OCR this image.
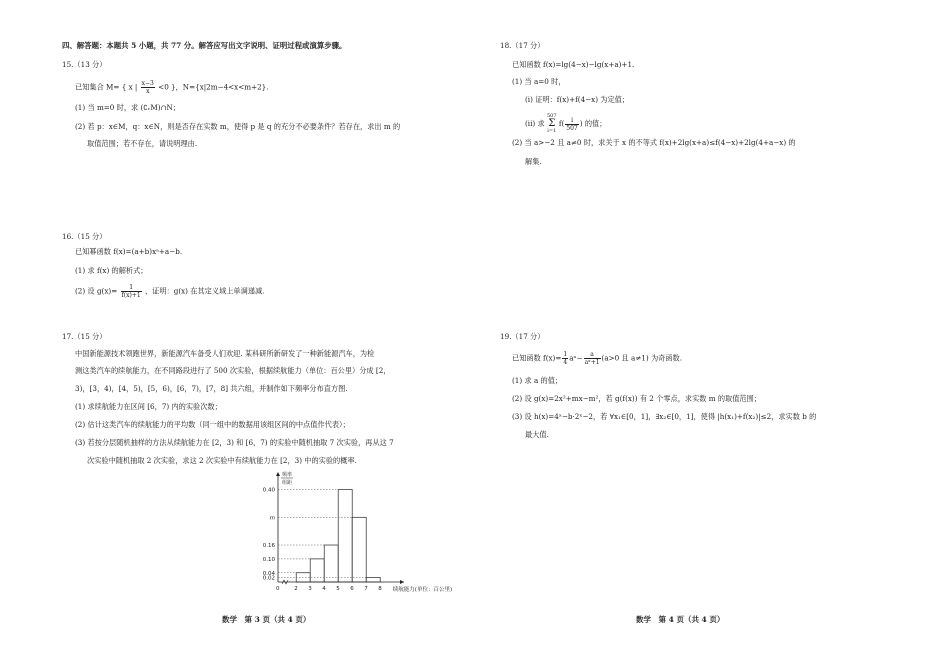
四、解答题：本题共 5 小题，共 77 分。解答应写出文字说明、证明过程或演算步骤。
15.（13 分）
已知集合 M= { x | $\frac{x-3}{x} <0$ }，N={x|2m−4<x<m+2}.
(1) 当 m=0 时，求 (∁ᵣM)∩N；
(2) 若 p：x∈M，q：x∈N，则是否存在实数 m，使得 p 是 q 的充分不必要条件？若存在，求出 m 的
取值范围；若不存在，请说明理由.
16.（15 分）
已知幂函数 f(x)=(a+b)xᵃ+a−b.
(1) 求 f(x) 的解析式；
(2) 设 $g(x)= \frac{1}{f(x)+1}$ ，证明：g(x) 在其定义域上单调递减.
17.（15 分）
中国新能源技术领跑世界，新能源汽车备受人们欢迎. 某科研所新研发了一种新能源汽车，为检
测这类汽车的续航能力，在不同路段进行了 500 次实验，根据续航能力（单位：百公里）分成 [2，
3)，[3，4)，[4，5)，[5，6)，[6，7)，[7，8] 共六组，并制作如下频率分布直方图.
(1) 求续航能力在区间 [6，7) 内的实验次数；
(2) 估计这类汽车的续航能力的平均数（同一组中的数据用该组区间的中点值作代表）；
(3) 若按分层随机抽样的方法从续航能力在 [2，3) 和 [6，7) 的实验中随机抽取 7 次实验，再从这 7
次实验中随机抽取 2 次实验，求这 2 次实验中有续航能力在 [2，3) 中的实验的概率.
频率
组距
续航能力(单位：百公里)
0	2 3 4 5 6 7 8
0.40
m
0.16
0.10
0.04
0.02
数学　第 3 页（共 4 页）
18.（17 分）
已知函数 f(x)=lg(4−x)−lg(x+a)+1.
(1) 当 a=0 时，
(i) 证明：f(x)+f(4−x) 为定值；
(ii) 求
507
Σ
i=1
$f( \frac{i}{507}$ ) 的值；
(2) 当 a>−2 且 a≠0 时，求关于 x 的不等式 f(x)+2lg(x+a)≤f(4−x)+2lg(4+a−x) 的
解集.
19.（17 分）
已知函数 $f(x)= \frac{1}{4}$ aˣ− $\frac{a}{\text{aˣ+1}} (a>0$ 且 a≠1) 为奇函数.
(1) 求 a 的值；
(2) 设 g(x)=2x²+mx−m²，若 g(f(x)) 有 2 个零点，求实数 m 的取值范围；
(3) 设 h(x)=4ˣ−b·2ˣ−2，若 ∀x₁∈[0，1]，∃x₂∈[0，1]，使得 |h(x₁)+f(x₂)|≤2，求实数 b 的
最大值.
数学　第 4 页（共 4 页）
